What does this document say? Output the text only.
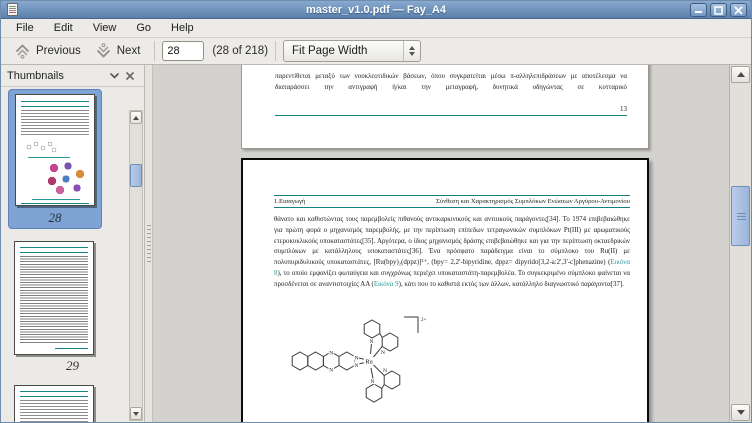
master_v1.0.pdf — Fay_A4
File	Edit	View	Go	Help
Previous	Next
28	(28 of 218) Fit Page Width
Thumbnails
28
29
παρεντίθεται μεταξύ των νουκλεοτιδικών βάσεων, όπου συγκρατείται μέσω π-αλληλεπιδράσεων με αποτέλεσμα να διαταράσσει την αντιγραφή ή/και την μεταγραφή, δυνητικά οδηγώντας σε κυτταρικό
13
1.Εισαγωγή	Σύνθεση και Χαρακτηρισμός Συμπλόκων Ενώσεων Αργύρου-Αντιμονίου
θάνατο και καθιστώντας τους παρεμβολείς πιθανούς αντικαρκινικούς και αντιιικούς παράγοντες[34]. Το 1974 επιβεβαιώθηκε για πρώτη φορά ο μηχανισμός παρεμβολής, με την περίπτωση επίπεδων τετραγωνικών συμπλόκων Pt(III) με αρωματικούς ετεροκυκλικούς υποκαταστάτες[35]. Αργότερα, ο ίδιος μηχανισμός δράσης επιβεβαιώθηκε και για την περίπτωση οκταεδρικών συμπλόκων με κατάλληλους υποκαταστάτες[36]. Ένα πρόσφατο παράδειγμα είναι το σύμπλοκο του Ru(II) με πολυπυριδυλικούς υποκαταστάτες, [Ru(bpy)₂(dppz)]²⁺, (bpy= 2,2'-bipyridine, dppz= dipyrido[3,2-a:2',3'-c]phenazine) (Εικόνα 8), το οποίο εμφανίζει φωταύγεια και συγχρόνως περιέχει υποκαταστάτη-παρεμβολέα. Το συγκεκριμένο σύμπλοκο φαίνεται να προσδένεται σε αναντιστοιχίες ΑΑ (Εικόνα 9), κάτι που το καθιστά εκτός των άλλων, κατάλληλο διαγνωστικό παράγοντα[37].
N
N
N
N
N
N
N
N
Ru
2+
